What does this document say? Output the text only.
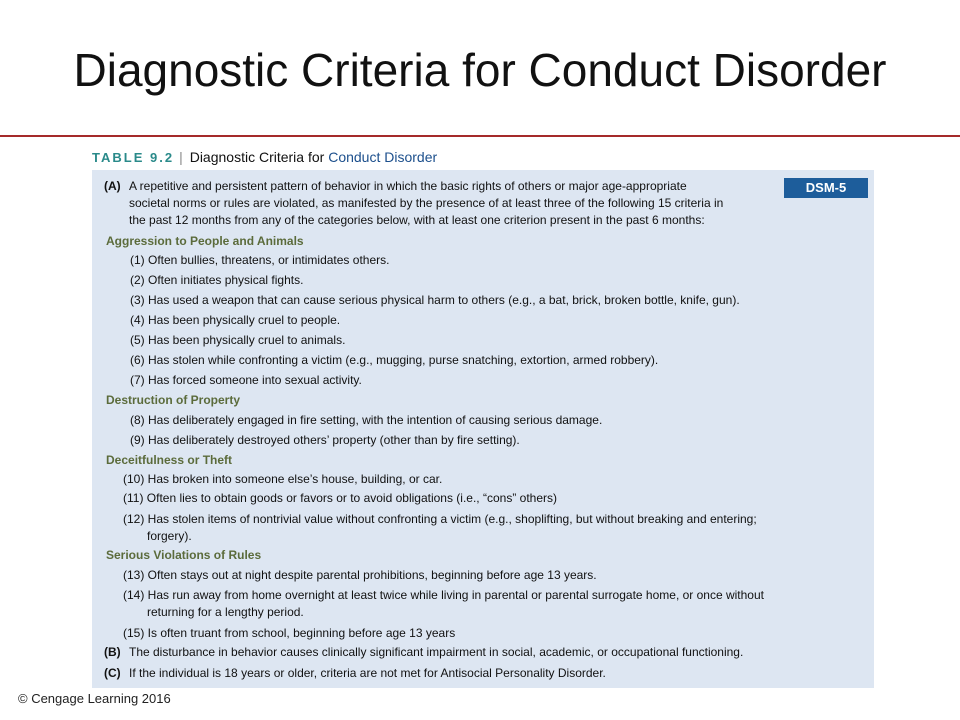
Diagnostic Criteria for Conduct Disorder
TABLE 9.2 | Diagnostic Criteria for Conduct Disorder
DSM-5
(A) A repetitive and persistent pattern of behavior in which the basic rights of others or major age-appropriate
societal norms or rules are violated, as manifested by the presence of at least three of the following 15 criteria in
the past 12 months from any of the categories below, with at least one criterion present in the past 6 months:
Aggression to People and Animals
(1) Often bullies, threatens, or intimidates others.
(2) Often initiates physical fights.
(3) Has used a weapon that can cause serious physical harm to others (e.g., a bat, brick, broken bottle, knife, gun).
(4) Has been physically cruel to people.
(5) Has been physically cruel to animals.
(6) Has stolen while confronting a victim (e.g., mugging, purse snatching, extortion, armed robbery).
(7) Has forced someone into sexual activity.
Destruction of Property
(8) Has deliberately engaged in fire setting, with the intention of causing serious damage.
(9) Has deliberately destroyed others’ property (other than by fire setting).
Deceitfulness or Theft
(10) Has broken into someone else’s house, building, or car.
(11) Often lies to obtain goods or favors or to avoid obligations (i.e., “cons” others)
(12) Has stolen items of nontrivial value without confronting a victim (e.g., shoplifting, but without breaking and entering;
forgery).
Serious Violations of Rules
(13) Often stays out at night despite parental prohibitions, beginning before age 13 years.
(14) Has run away from home overnight at least twice while living in parental or parental surrogate home, or once without
returning for a lengthy period.
(15) Is often truant from school, beginning before age 13 years
(B) The disturbance in behavior causes clinically significant impairment in social, academic, or occupational functioning.
(C) If the individual is 18 years or older, criteria are not met for Antisocial Personality Disorder.
© Cengage Learning 2016
